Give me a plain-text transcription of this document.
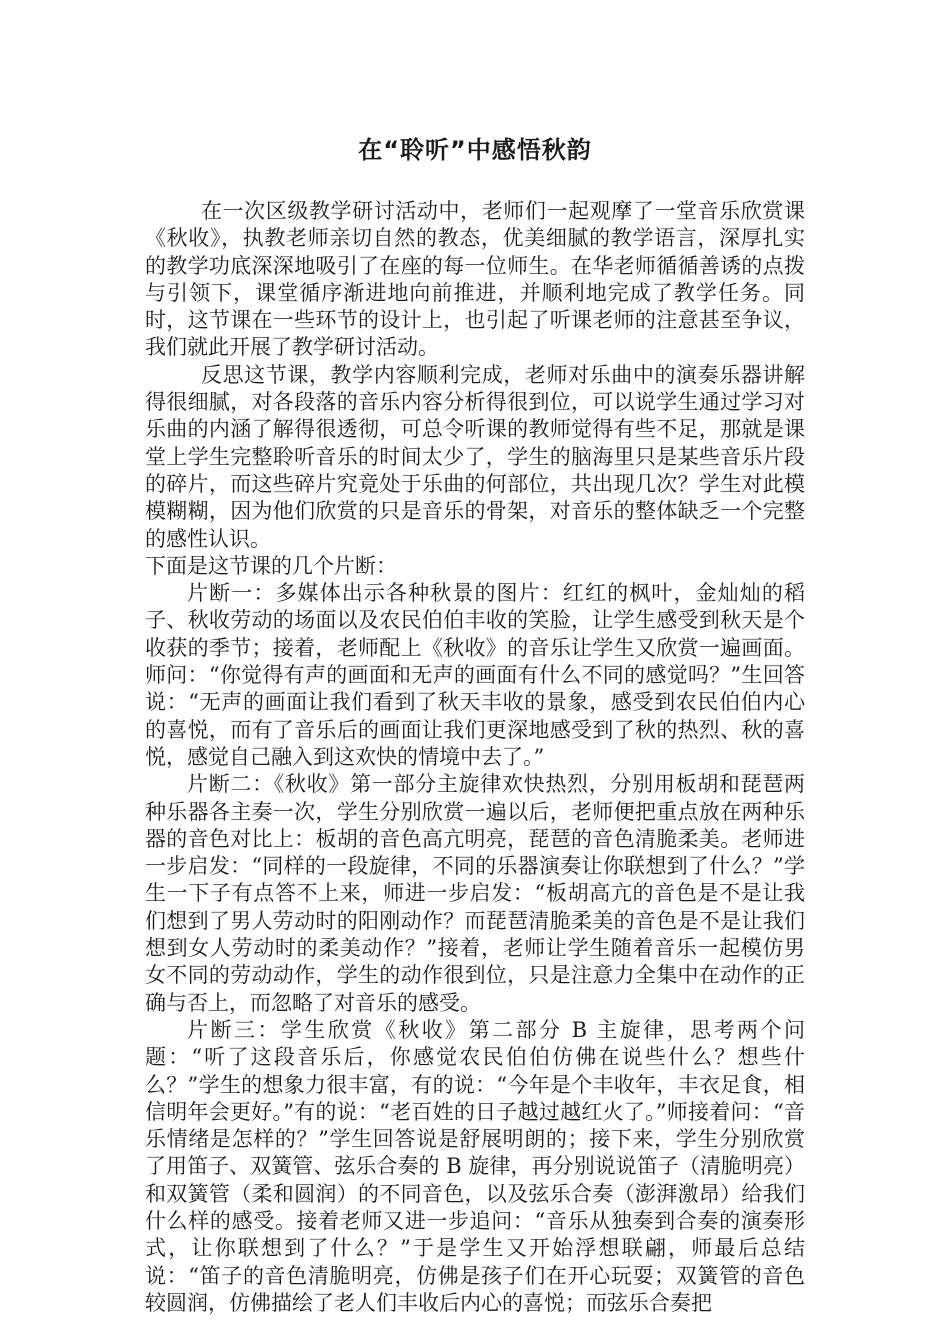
在“聆听”中感悟秋韵

在一次区级教学研讨活动中，老师们一起观摩了一堂音乐欣赏课《秋收》，执教老师亲切自然的教态，优美细腻的教学语言，深厚扎实的教学功底深深地吸引了在座的每一位师生。在华老师循循善诱的点拨与引领下，课堂循序渐进地向前推进，并顺利地完成了教学任务。同时，这节课在一些环节的设计上，也引起了听课老师的注意甚至争议，我们就此开展了教学研讨活动。

反思这节课，教学内容顺利完成，老师对乐曲中的演奏乐器讲解得很细腻，对各段落的音乐内容分析得很到位，可以说学生通过学习对乐曲的内涵了解得很透彻，可总令听课的教师觉得有些不足，那就是课堂上学生完整聆听音乐的时间太少了，学生的脑海里只是某些音乐片段的碎片，而这些碎片究竟处于乐曲的何部位，共出现几次？学生对此模模糊糊，因为他们欣赏的只是音乐的骨架，对音乐的整体缺乏一个完整的感性认识。

下面是这节课的几个片断：

片断一：多媒体出示各种秋景的图片：红红的枫叶，金灿灿的稻子、秋收劳动的场面以及农民伯伯丰收的笑脸，让学生感受到秋天是个收获的季节；接着，老师配上《秋收》的音乐让学生又欣赏一遍画面。师问：“你觉得有声的画面和无声的画面有什么不同的感觉吗？”生回答说：“无声的画面让我们看到了秋天丰收的景象，感受到农民伯伯内心的喜悦，而有了音乐后的画面让我们更深地感受到了秋的热烈、秋的喜悦，感觉自己融入到这欢快的情境中去了。”

片断二：《秋收》第一部分主旋律欢快热烈，分别用板胡和琵琶两种乐器各主奏一次，学生分别欣赏一遍以后，老师便把重点放在两种乐器的音色对比上：板胡的音色高亢明亮，琵琶的音色清脆柔美。老师进一步启发：“同样的一段旋律，不同的乐器演奏让你联想到了什么？”学生一下子有点答不上来，师进一步启发：“板胡高亢的音色是不是让我们想到了男人劳动时的阳刚动作？而琵琶清脆柔美的音色是不是让我们想到女人劳动时的柔美动作？”接着，老师让学生随着音乐一起模仿男女不同的劳动动作，学生的动作很到位，只是注意力全集中在动作的正确与否上，而忽略了对音乐的感受。

片断三：学生欣赏《秋收》第二部分 B 主旋律，思考两个问题：“听了这段音乐后，你感觉农民伯伯仿佛在说些什么？想些什么？”学生的想象力很丰富，有的说：“今年是个丰收年，丰衣足食，相信明年会更好。”有的说：“老百姓的日子越过越红火了。”师接着问：“音乐情绪是怎样的？”学生回答说是舒展明朗的；接下来，学生分别欣赏了用笛子、双簧管、弦乐合奏的 B 旋律，再分别说说笛子（清脆明亮）和双簧管（柔和圆润）的不同音色，以及弦乐合奏（澎湃激昂）给我们什么样的感受。接着老师又进一步追问：“音乐从独奏到合奏的演奏形式，让你联想到了什么？”于是学生又开始浮想联翩，师最后总结说：“笛子的音色清脆明亮，仿佛是孩子们在开心玩耍；双簧管的音色较圆润，仿佛描绘了老人们丰收后内心的喜悦；而弦乐合奏把
